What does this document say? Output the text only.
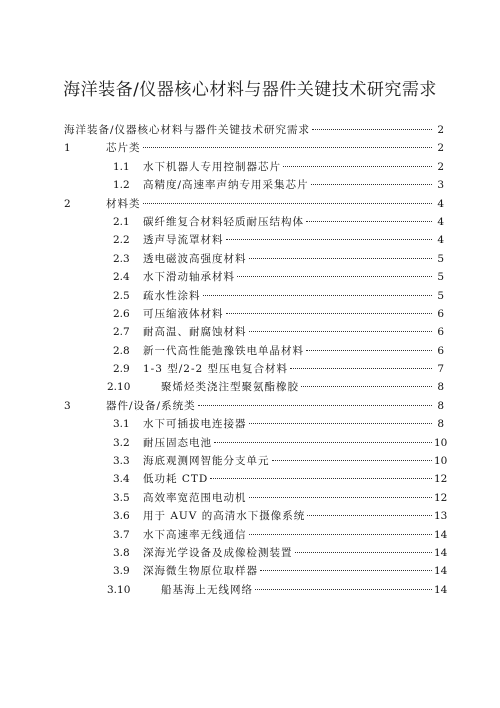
海洋装备/仪器核心材料与器件关键技术研究需求
海洋装备/仪器核心材料与器件关键技术研究需求	2
1	芯片类	2
1.1	水下机器人专用控制器芯片	2
1.2	高精度/高速率声纳专用采集芯片	3
2	材料类	4
2.1	碳纤维复合材料轻质耐压结构体	4
2.2	透声导流罩材料	4
2.3	透电磁波高强度材料	5
2.4	水下滑动轴承材料	5
2.5	疏水性涂料	5
2.6	可压缩液体材料	6
2.7	耐高温、耐腐蚀材料	6
2.8	新一代高性能弛豫铁电单晶材料	6
2.9	1-3 型/2-2 型压电复合材料	7
2.10	聚烯烃类浇注型聚氨酯橡胶	8
3	器件/设备/系统类	8
3.1	水下可插拔电连接器	8
3.2	耐压固态电池	10
3.3	海底观测网智能分支单元	10
3.4	低功耗 CTD	12
3.5	高效率宽范围电动机	12
3.6	用于 AUV 的高清水下摄像系统	13
3.7	水下高速率无线通信	14
3.8	深海光学设备及成像检测装置	14
3.9	深海微生物原位取样器	14
3.10	船基海上无线网络	14
